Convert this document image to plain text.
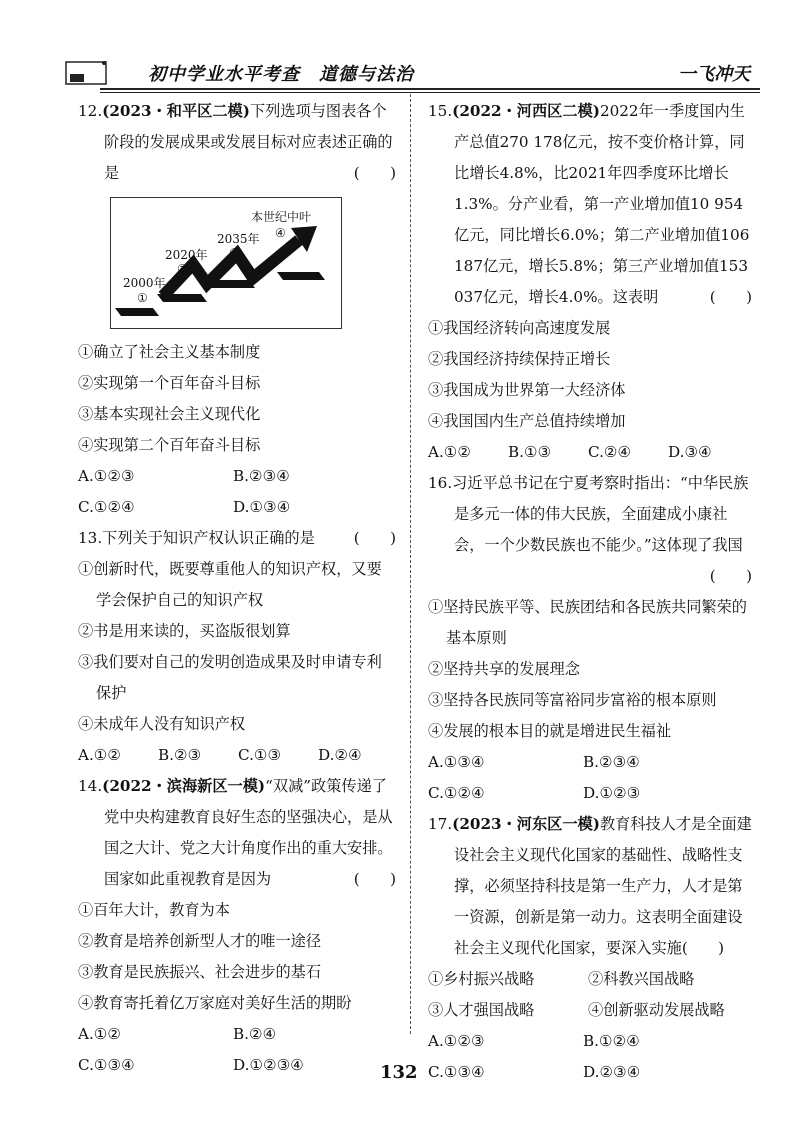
初中学业水平考查　道德与法治	一飞冲天

12.(2023・和平区二模)下列选项与图表各个阶段的发展成果或发展目标对应表述正确的是	(　　)

2000年
①
2020年
②
2035年
③
本世纪中叶
④

①确立了社会主义基本制度

②实现第一个百年奋斗目标

③基本实现社会主义现代化

④实现第二个百年奋斗目标

A.①②③	B.②③④
C.①②④	D.①③④

13.下列关于知识产权认识正确的是	(　　)

①创新时代，既要尊重他人的知识产权，又要学会保护自己的知识产权

②书是用来读的，买盗版很划算

③我们要对自己的发明创造成果及时申请专利保护

④未成年人没有知识产权

A.①②	B.②③	C.①③	D.②④

14.(2022・滨海新区一模)“双减”政策传递了党中央构建教育良好生态的坚强决心，是从国之大计、党之大计角度作出的重大安排。国家如此重视教育是因为	(　　)

①百年大计，教育为本

②教育是培养创新型人才的唯一途径

③教育是民族振兴、社会进步的基石

④教育寄托着亿万家庭对美好生活的期盼

A.①②	B.②④
C.①③④	D.①②③④

15.(2022・河西区二模)2022年一季度国内生产总值270 178亿元，按不变价格计算，同比增长4.8%，比2021年四季度环比增长1.3%。分产业看，第一产业增加值10 954亿元，同比增长6.0%；第二产业增加值106 187亿元，增长5.8%；第三产业增加值153 037亿元，增长4.0%。这表明	(　　)

①我国经济转向高速度发展

②我国经济持续保持正增长

③我国成为世界第一大经济体

④我国国内生产总值持续增加

A.①②	B.①③	C.②④	D.③④

16.习近平总书记在宁夏考察时指出：“中华民族是多元一体的伟大民族，全面建成小康社会，一个少数民族也不能少。”这体现了我国

(　　)

①坚持民族平等、民族团结和各民族共同繁荣的基本原则

②坚持共享的发展理念

③坚持各民族同等富裕同步富裕的根本原则

④发展的根本目的就是增进民生福祉

A.①③④	B.②③④
C.①②④	D.①②③

17.(2023・河东区一模)教育科技人才是全面建设社会主义现代化国家的基础性、战略性支撑，必须坚持科技是第一生产力，人才是第一资源，创新是第一动力。这表明全面建设社会主义现代化国家，要深入实施(　　)

①乡村振兴战略	②科教兴国战略
③人才强国战略	④创新驱动发展战略
A.①②③	B.①②④
C.①③④	D.②③④
132
